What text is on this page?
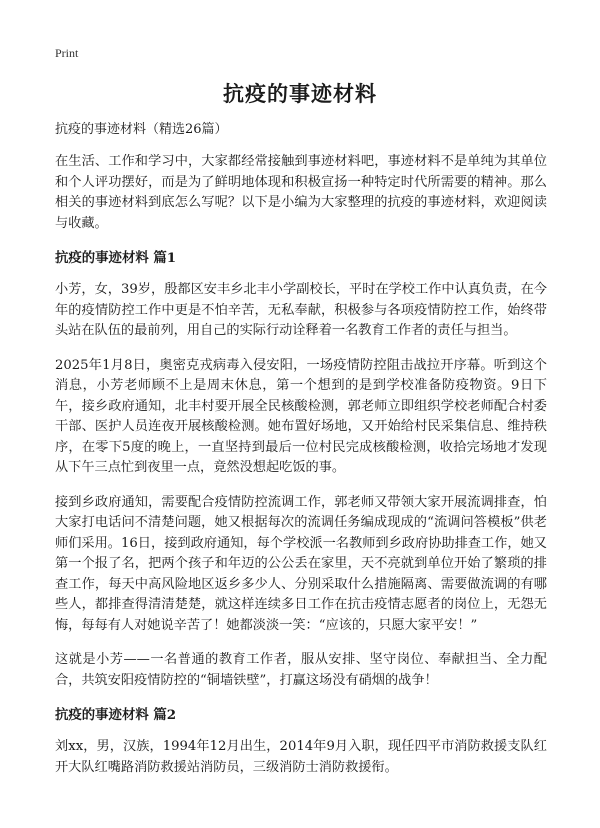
Print
抗疫的事迹材料

抗疫的事迹材料（精选26篇）

在生活、工作和学习中，大家都经常接触到事迹材料吧，事迹材料不是单纯为其单位和个人评功摆好，而是为了鲜明地体现和积极宣扬一种特定时代所需要的精神。那么相关的事迹材料到底怎么写呢？以下是小编为大家整理的抗疫的事迹材料，欢迎阅读与收藏。

抗疫的事迹材料 篇1

小芳，女，39岁，殷都区安丰乡北丰小学副校长，平时在学校工作中认真负责，在今年的疫情防控工作中更是不怕辛苦，无私奉献，积极参与各项疫情防控工作，始终带头站在队伍的最前列，用自己的实际行动诠释着一名教育工作者的责任与担当。

2025年1月8日，奥密克戎病毒入侵安阳，一场疫情防控阻击战拉开序幕。听到这个消息，小芳老师顾不上是周末休息，第一个想到的是到学校准备防疫物资。9日下午，接乡政府通知，北丰村要开展全民核酸检测，郭老师立即组织学校老师配合村委干部、医护人员连夜开展核酸检测。她布置好场地，又开始给村民采集信息、维持秩序，在零下5度的晚上，一直坚持到最后一位村民完成核酸检测，收拾完场地才发现从下午三点忙到夜里一点，竟然没想起吃饭的事。

接到乡政府通知，需要配合疫情防控流调工作，郭老师又带领大家开展流调排查，怕大家打电话问不清楚问题，她又根据每次的流调任务编成现成的“流调问答模板”供老师们采用。16日，接到政府通知，每个学校派一名教师到乡政府协助排查工作，她又第一个报了名，把两个孩子和年迈的公公丢在家里，天不亮就到单位开始了繁琐的排查工作，每天中高风险地区返乡多少人、分别采取什么措施隔离、需要做流调的有哪些人，都排查得清清楚楚，就这样连续多日工作在抗击疫情志愿者的岗位上，无怨无悔，每每有人对她说辛苦了！她都淡淡一笑：“应该的，只愿大家平安！”

这就是小芳——一名普通的教育工作者，服从安排、坚守岗位、奉献担当、全力配合，共筑安阳疫情防控的“铜墙铁壁”，打赢这场没有硝烟的战争！

抗疫的事迹材料 篇2

刘xx，男，汉族，1994年12月出生，2014年9月入职，现任四平市消防救援支队红开大队红嘴路消防救援站消防员，三级消防士消防救援衔。
